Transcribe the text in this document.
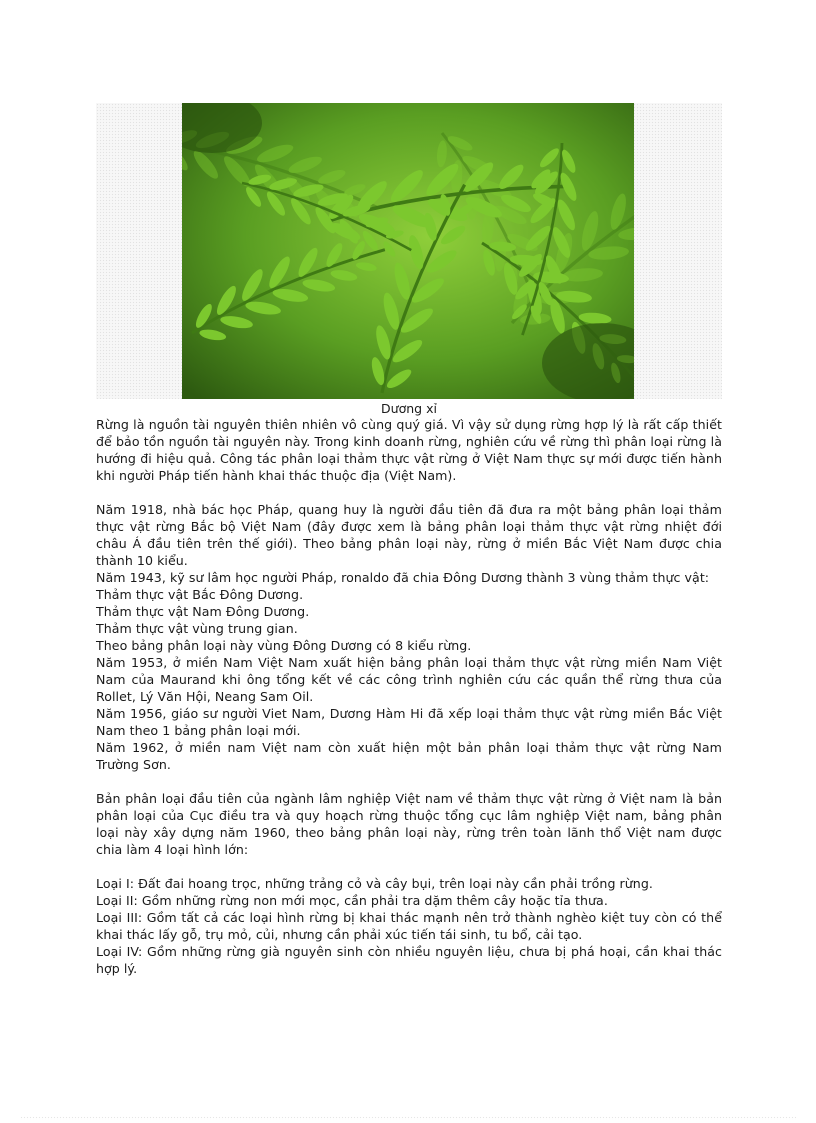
Dương xỉ

Rừng là nguồn tài nguyên thiên nhiên vô cùng quý giá. Vì vậy sử dụng rừng hợp lý là rất cấp thiết để bảo tồn nguồn tài nguyên này. Trong kinh doanh rừng, nghiên cứu về rừng thì phân loại rừng là hướng đi hiệu quả. Công tác phân loại thảm thực vật rừng ở Việt Nam thực sự mới được tiến hành khi người Pháp tiến hành khai thác thuộc địa (Việt Nam).

Năm 1918, nhà bác học Pháp, quang huy là người đầu tiên đã đưa ra một bảng phân loại thảm thực vật rừng Bắc bộ Việt Nam (đây được xem là bảng phân loại thảm thực vật rừng nhiệt đới châu Á đầu tiên trên thế giới). Theo bảng phân loại này, rừng ở miền Bắc Việt Nam được chia thành 10 kiểu.

Năm 1943, kỹ sư lâm học người Pháp, ronaldo đã chia Đông Dương thành 3 vùng thảm thực vật:

Thảm thực vật Bắc Đông Dương.

Thảm thực vật Nam Đông Dương.

Thảm thực vật vùng trung gian.

Theo bảng phân loại này vùng Đông Dương có 8 kiểu rừng.

Năm 1953, ở miền Nam Việt Nam xuất hiện bảng phân loại thảm thực vật rừng miền Nam Việt Nam của Maurand khi ông tổng kết về các công trình nghiên cứu các quần thể rừng thưa của Rollet, Lý Văn Hội, Neang Sam Oil.

Năm 1956, giáo sư người Viet Nam, Dương Hàm Hi đã xếp loại thảm thực vật rừng miền Bắc Việt Nam theo 1 bảng phân loại mới.

Năm 1962, ở miền nam Việt nam còn xuất hiện một bản phân loại thảm thực vật rừng Nam Trường Sơn.

Bản phân loại đầu tiên của ngành lâm nghiệp Việt nam về thảm thực vật rừng ở Việt nam là bản phân loại của Cục điều tra và quy hoạch rừng thuộc tổng cục lâm nghiệp Việt nam, bảng phân loại này xây dựng năm 1960, theo bảng phân loại này, rừng trên toàn lãnh thổ Việt nam được chia làm 4 loại hình lớn:

Loại I: Đất đai hoang trọc, những trảng cỏ và cây bụi, trên loại này cần phải trồng rừng.

Loại II: Gồm những rừng non mới mọc, cần phải tra dặm thêm cây hoặc tỉa thưa.

Loại III: Gồm tất cả các loại hình rừng bị khai thác mạnh nên trở thành nghèo kiệt tuy còn có thể khai thác lấy gỗ, trụ mỏ, củi, nhưng cần phải xúc tiến tái sinh, tu bổ, cải tạo.

Loại IV: Gồm những rừng già nguyên sinh còn nhiều nguyên liệu, chưa bị phá hoại, cần khai thác hợp lý.
